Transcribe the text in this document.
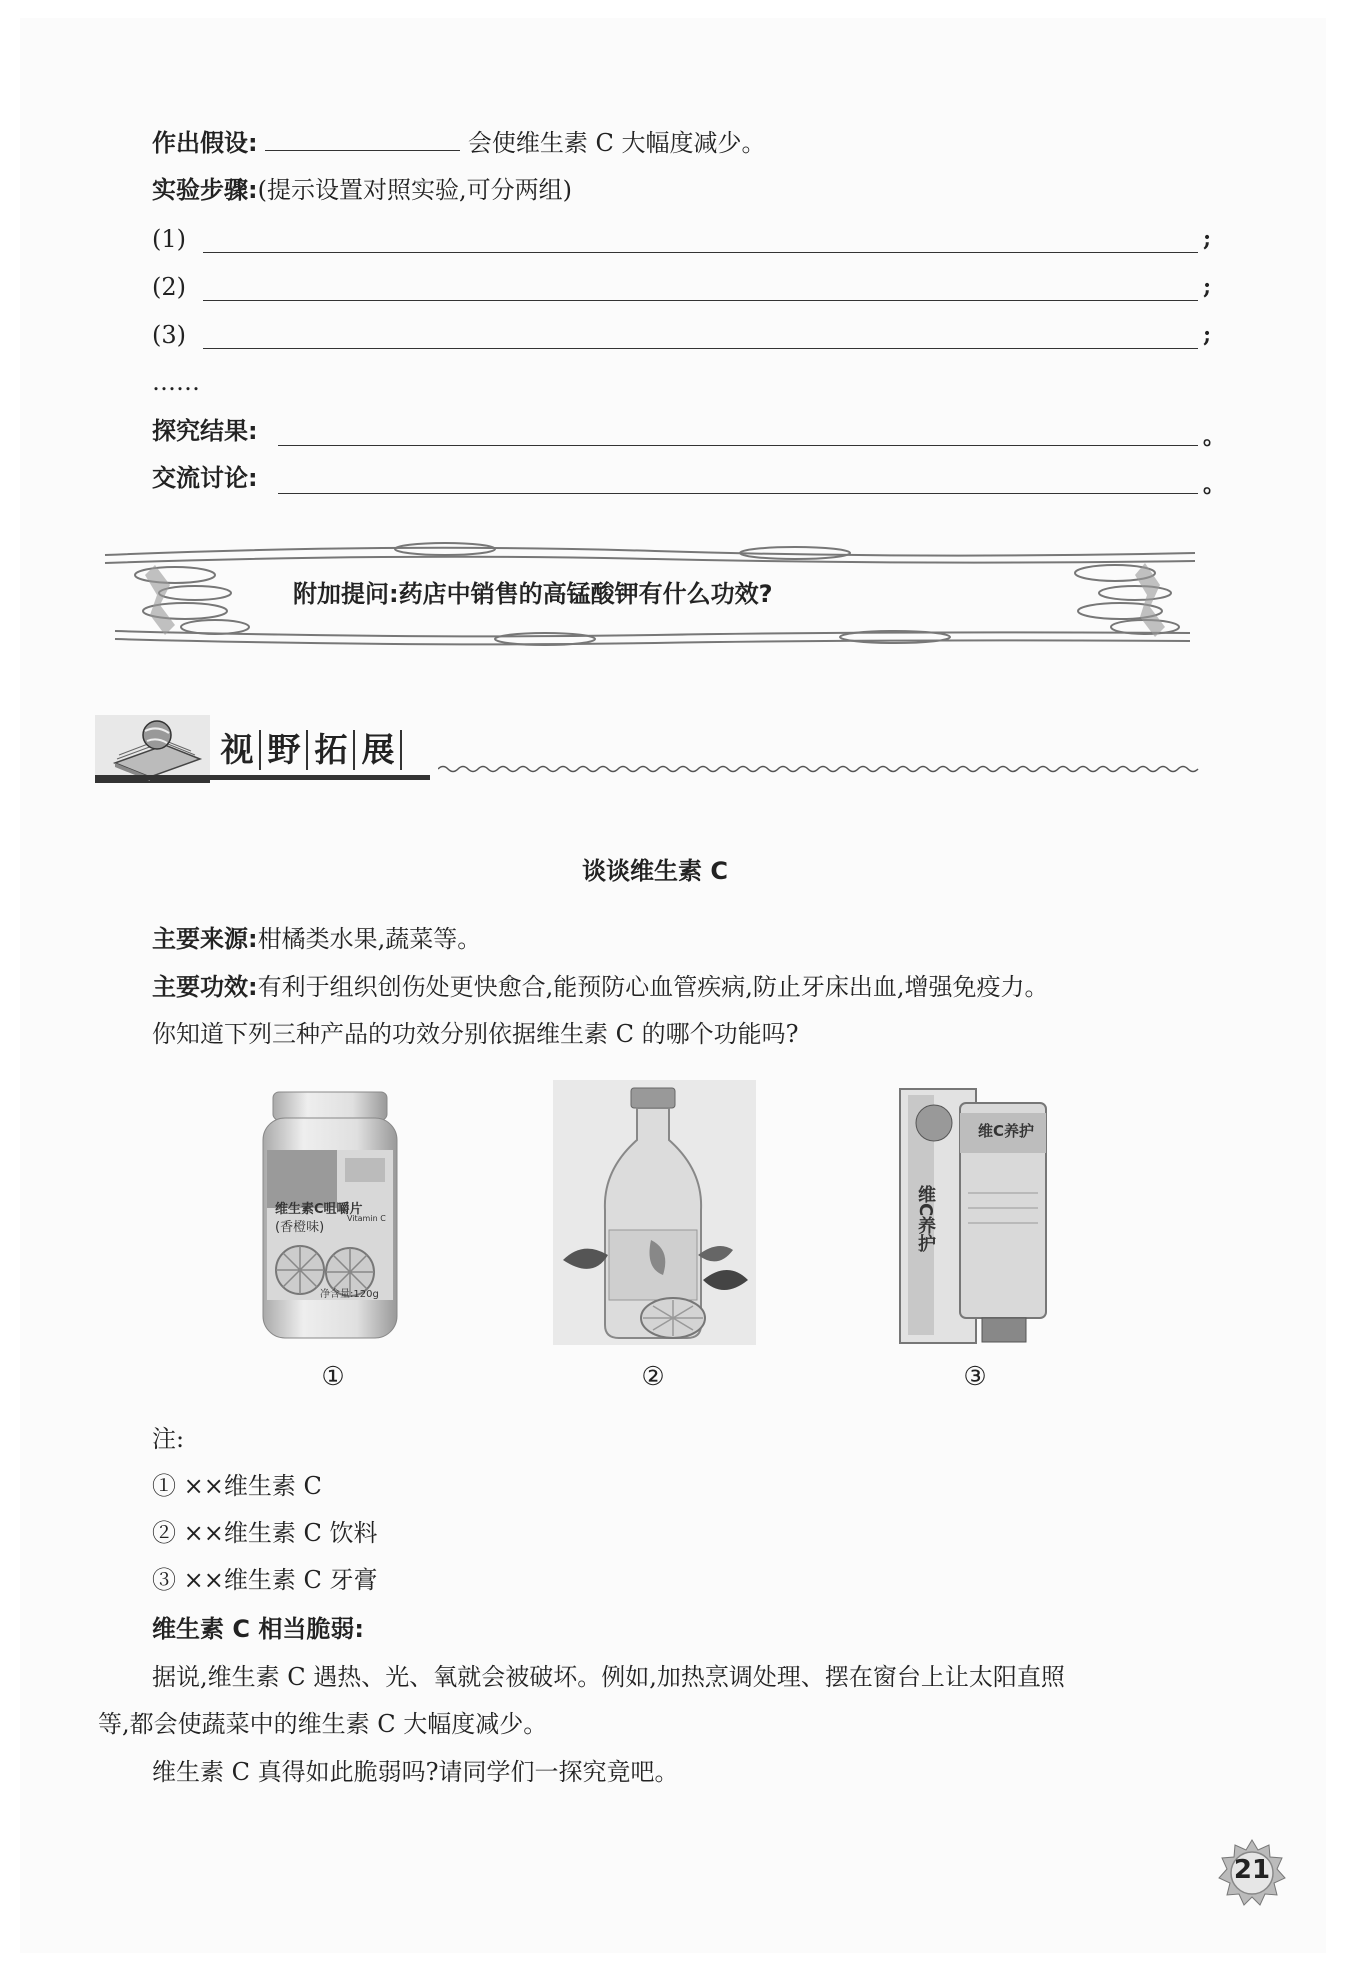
作出假设:	会使维生素 C 大幅度减少。
实验步骤:(提示设置对照实验,可分两组)
(1)	;
(2)	;
(3)	;
……
探究结果:	。
交流讨论:	。
附加提问:药店中销售的高锰酸钾有什么功效?
视 野 拓 展
谈谈维生素 C
主要来源:柑橘类水果,蔬菜等。
主要功效:有利于组织创伤处更快愈合,能预防心血管疾病,防止牙床出血,增强免疫力。
你知道下列三种产品的功效分别依据维生素 C 的哪个功能吗?
维生素C咀嚼片
(香橙味)
Vitamin C
净含量:120g
①	②
维C养护
维C养护
③
注:
① ××维生素 C
② ××维生素 C 饮料
③ ××维生素 C 牙膏
维生素 C 相当脆弱:
据说,维生素 C 遇热、光、氧就会被破坏。例如,加热烹调处理、摆在窗台上让太阳直照
等,都会使蔬菜中的维生素 C 大幅度减少。
维生素 C 真得如此脆弱吗?请同学们一探究竟吧。
21
